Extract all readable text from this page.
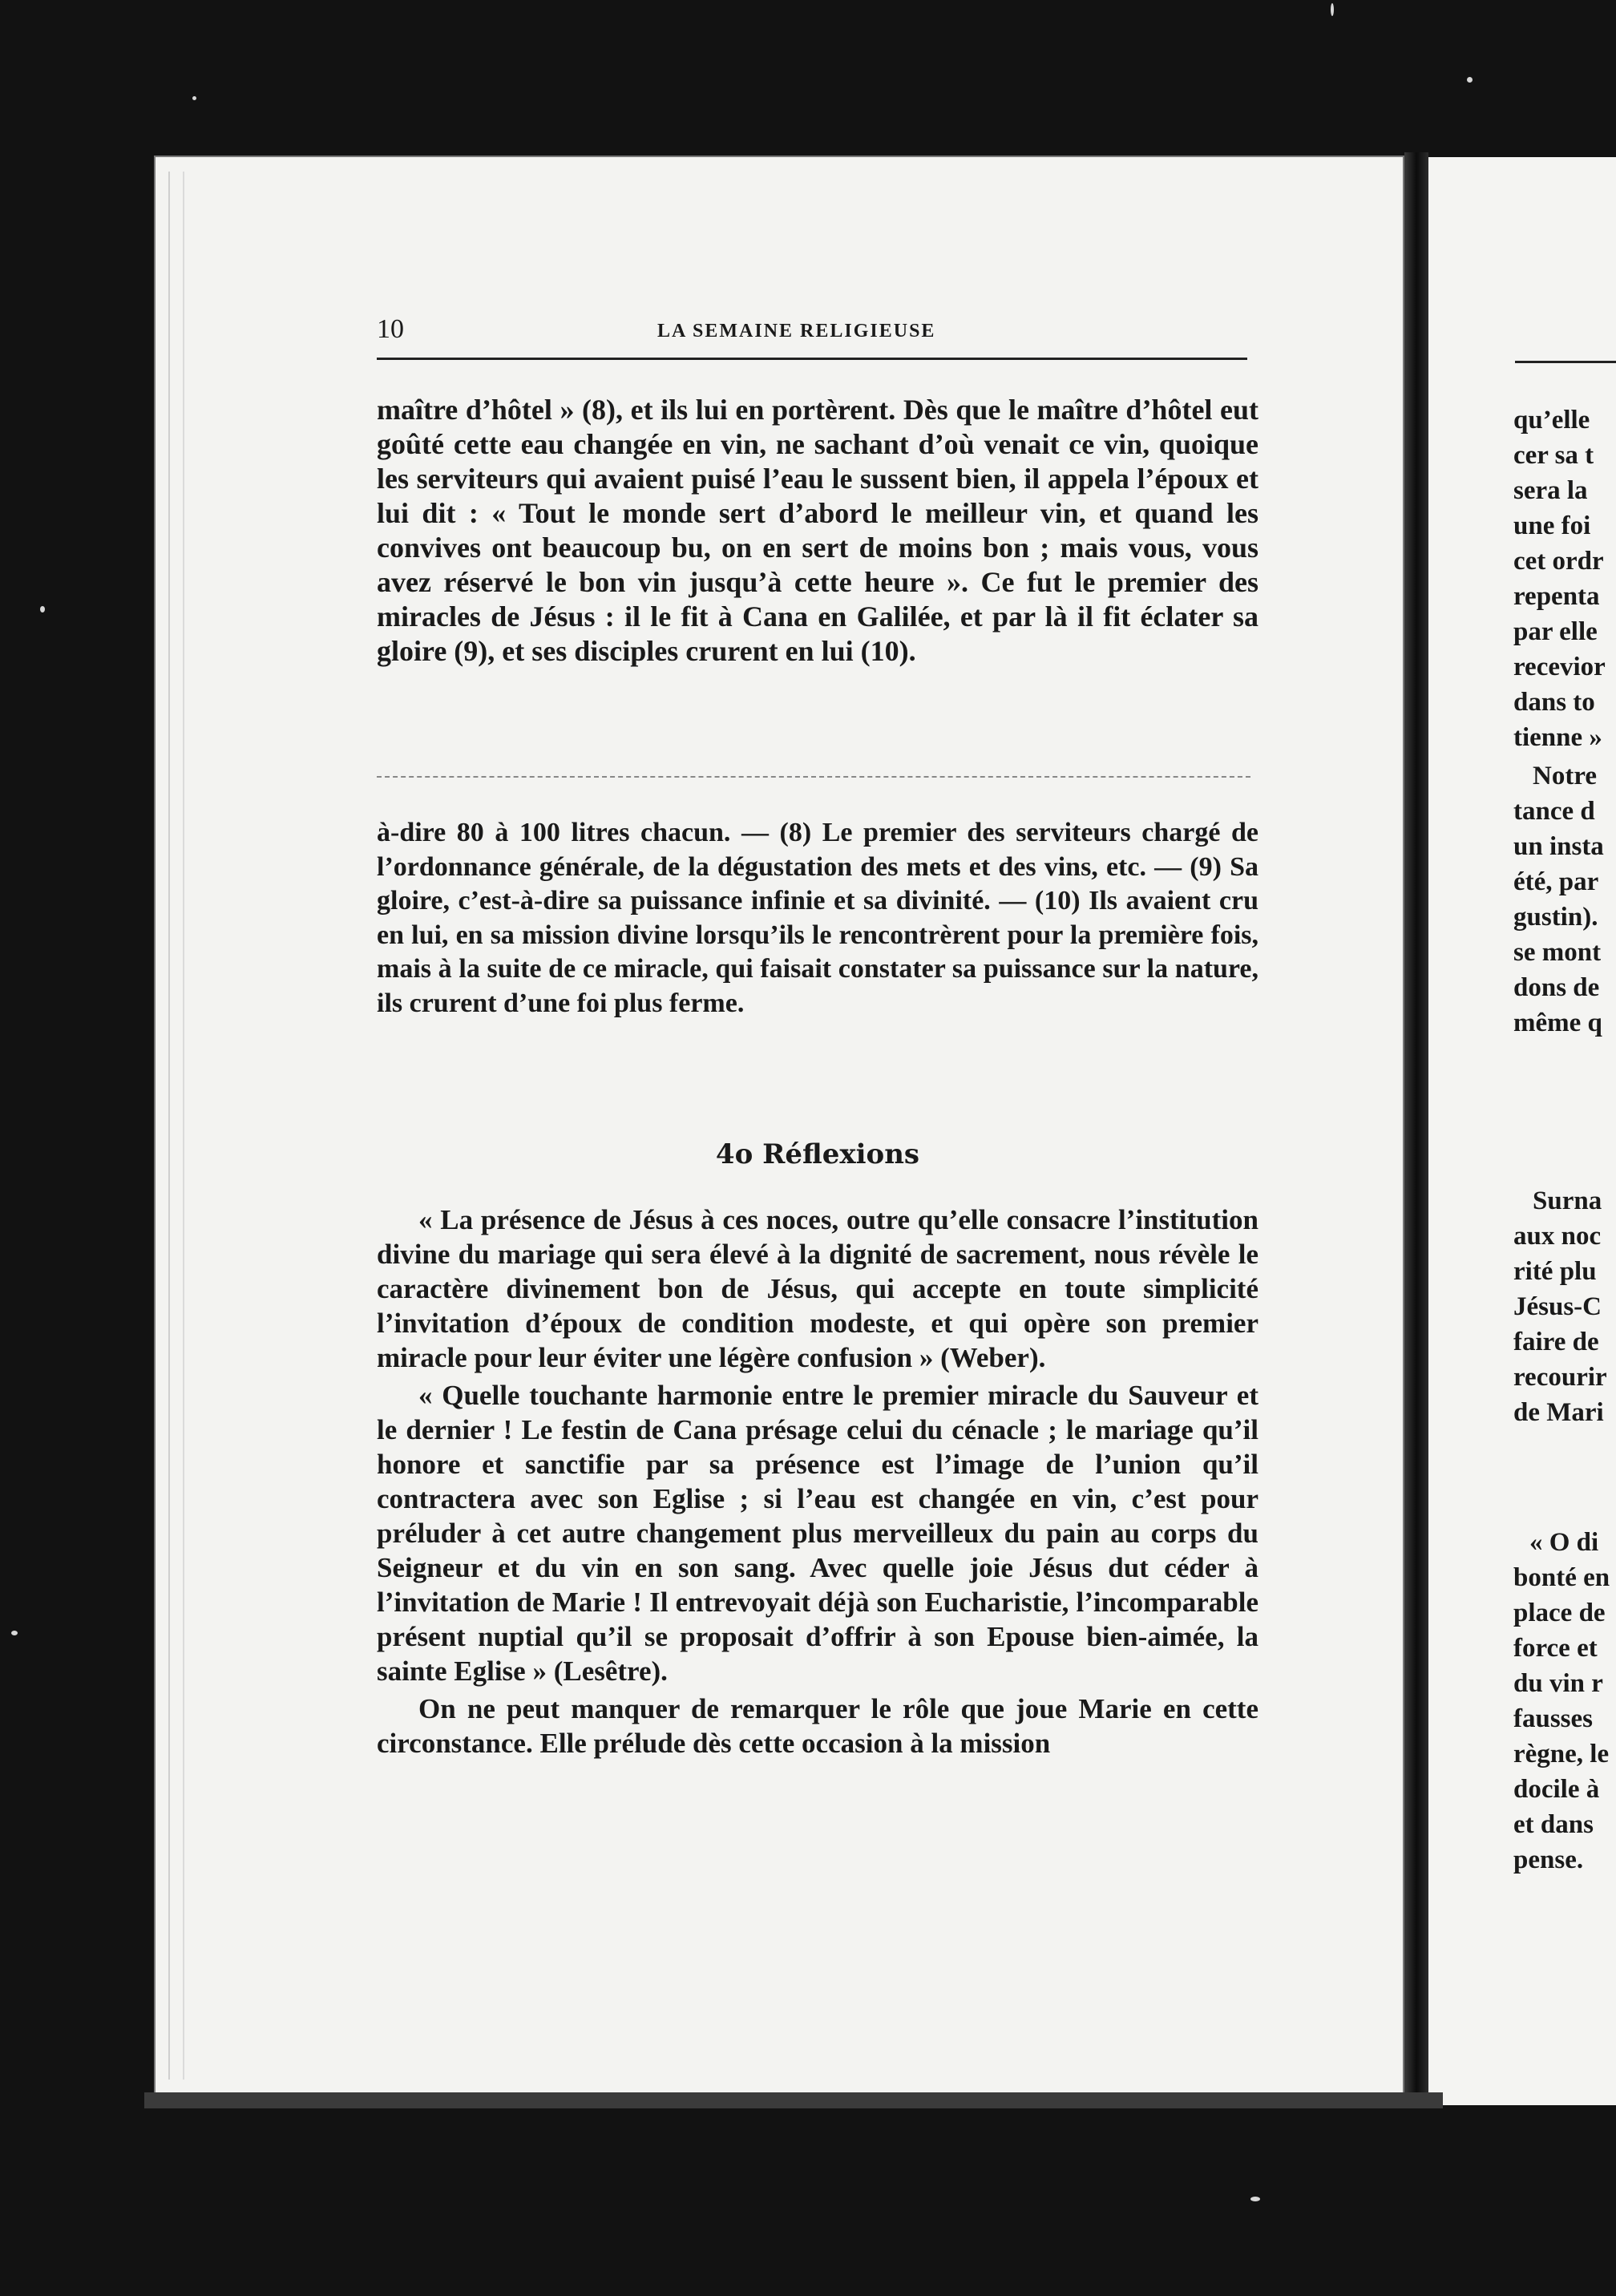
10	LA SEMAINE RELIGIEUSE

maître d’hôtel » (8), et ils lui en portèrent. Dès que le maître d’hôtel eut goûté cette eau changée en vin, ne sachant d’où venait ce vin, quoique les serviteurs qui avaient puisé l’eau le sussent bien, il appela l’époux et lui dit : « Tout le monde sert d’abord le meilleur vin, et quand les convives ont beaucoup bu, on en sert de moins bon ; mais vous, vous avez réservé le bon vin jusqu’à cette heure ». Ce fut le premier des miracles de Jésus : il le fit à Cana en Galilée, et par là il fit éclater sa gloire (9), et ses disciples crurent en lui (10).

à-dire 80 à 100 litres chacun. — (8) Le premier des serviteurs chargé de l’ordonnance générale, de la dégustation des mets et des vins, etc. — (9) Sa gloire, c’est-à-dire sa puissance infinie et sa divinité. — (10) Ils avaient cru en lui, en sa mission divine lorsqu’ils le rencontrèrent pour la première fois, mais à la suite de ce miracle, qui faisait constater sa puissance sur la nature, ils crurent d’une foi plus ferme.

4o Réflexions

« La présence de Jésus à ces noces, outre qu’elle consacre l’institution divine du mariage qui sera élevé à la dignité de sacrement, nous révèle le caractère divinement bon de Jésus, qui accepte en toute simplicité l’invitation d’époux de condition modeste, et qui opère son premier miracle pour leur éviter une légère confusion » (Weber).

« Quelle touchante harmonie entre le premier miracle du Sauveur et le dernier ! Le festin de Cana présage celui du cénacle ; le mariage qu’il honore et sanctifie par sa présence est l’image de l’union qu’il contractera avec son Eglise ; si l’eau est changée en vin, c’est pour préluder à cet autre changement plus merveilleux du pain au corps du Seigneur et du vin en son sang. Avec quelle joie Jésus dut céder à l’invitation de Marie ! Il entrevoyait déjà son Eucharistie, l’incomparable présent nuptial qu’il se proposait d’offrir à son Epouse bien-aimée, la sainte Eglise » (Lesêtre).

On ne peut manquer de remarquer le rôle que joue Marie en cette circonstance. Elle prélude dès cette occasion à la mission

qu’elle
cer sa t
sera la
une foi
cet ordr
repenta
par elle
recevior
dans to
tienne »
Notre
tance d
un insta
été, par
gustin).
se mont
dons de
même q
Surna
aux noc
rité plu
Jésus-C
faire de
recourir
de Mari
« O di
bonté en
place de
force et
du vin r
fausses
règne, le
docile à
et dans
pense.
